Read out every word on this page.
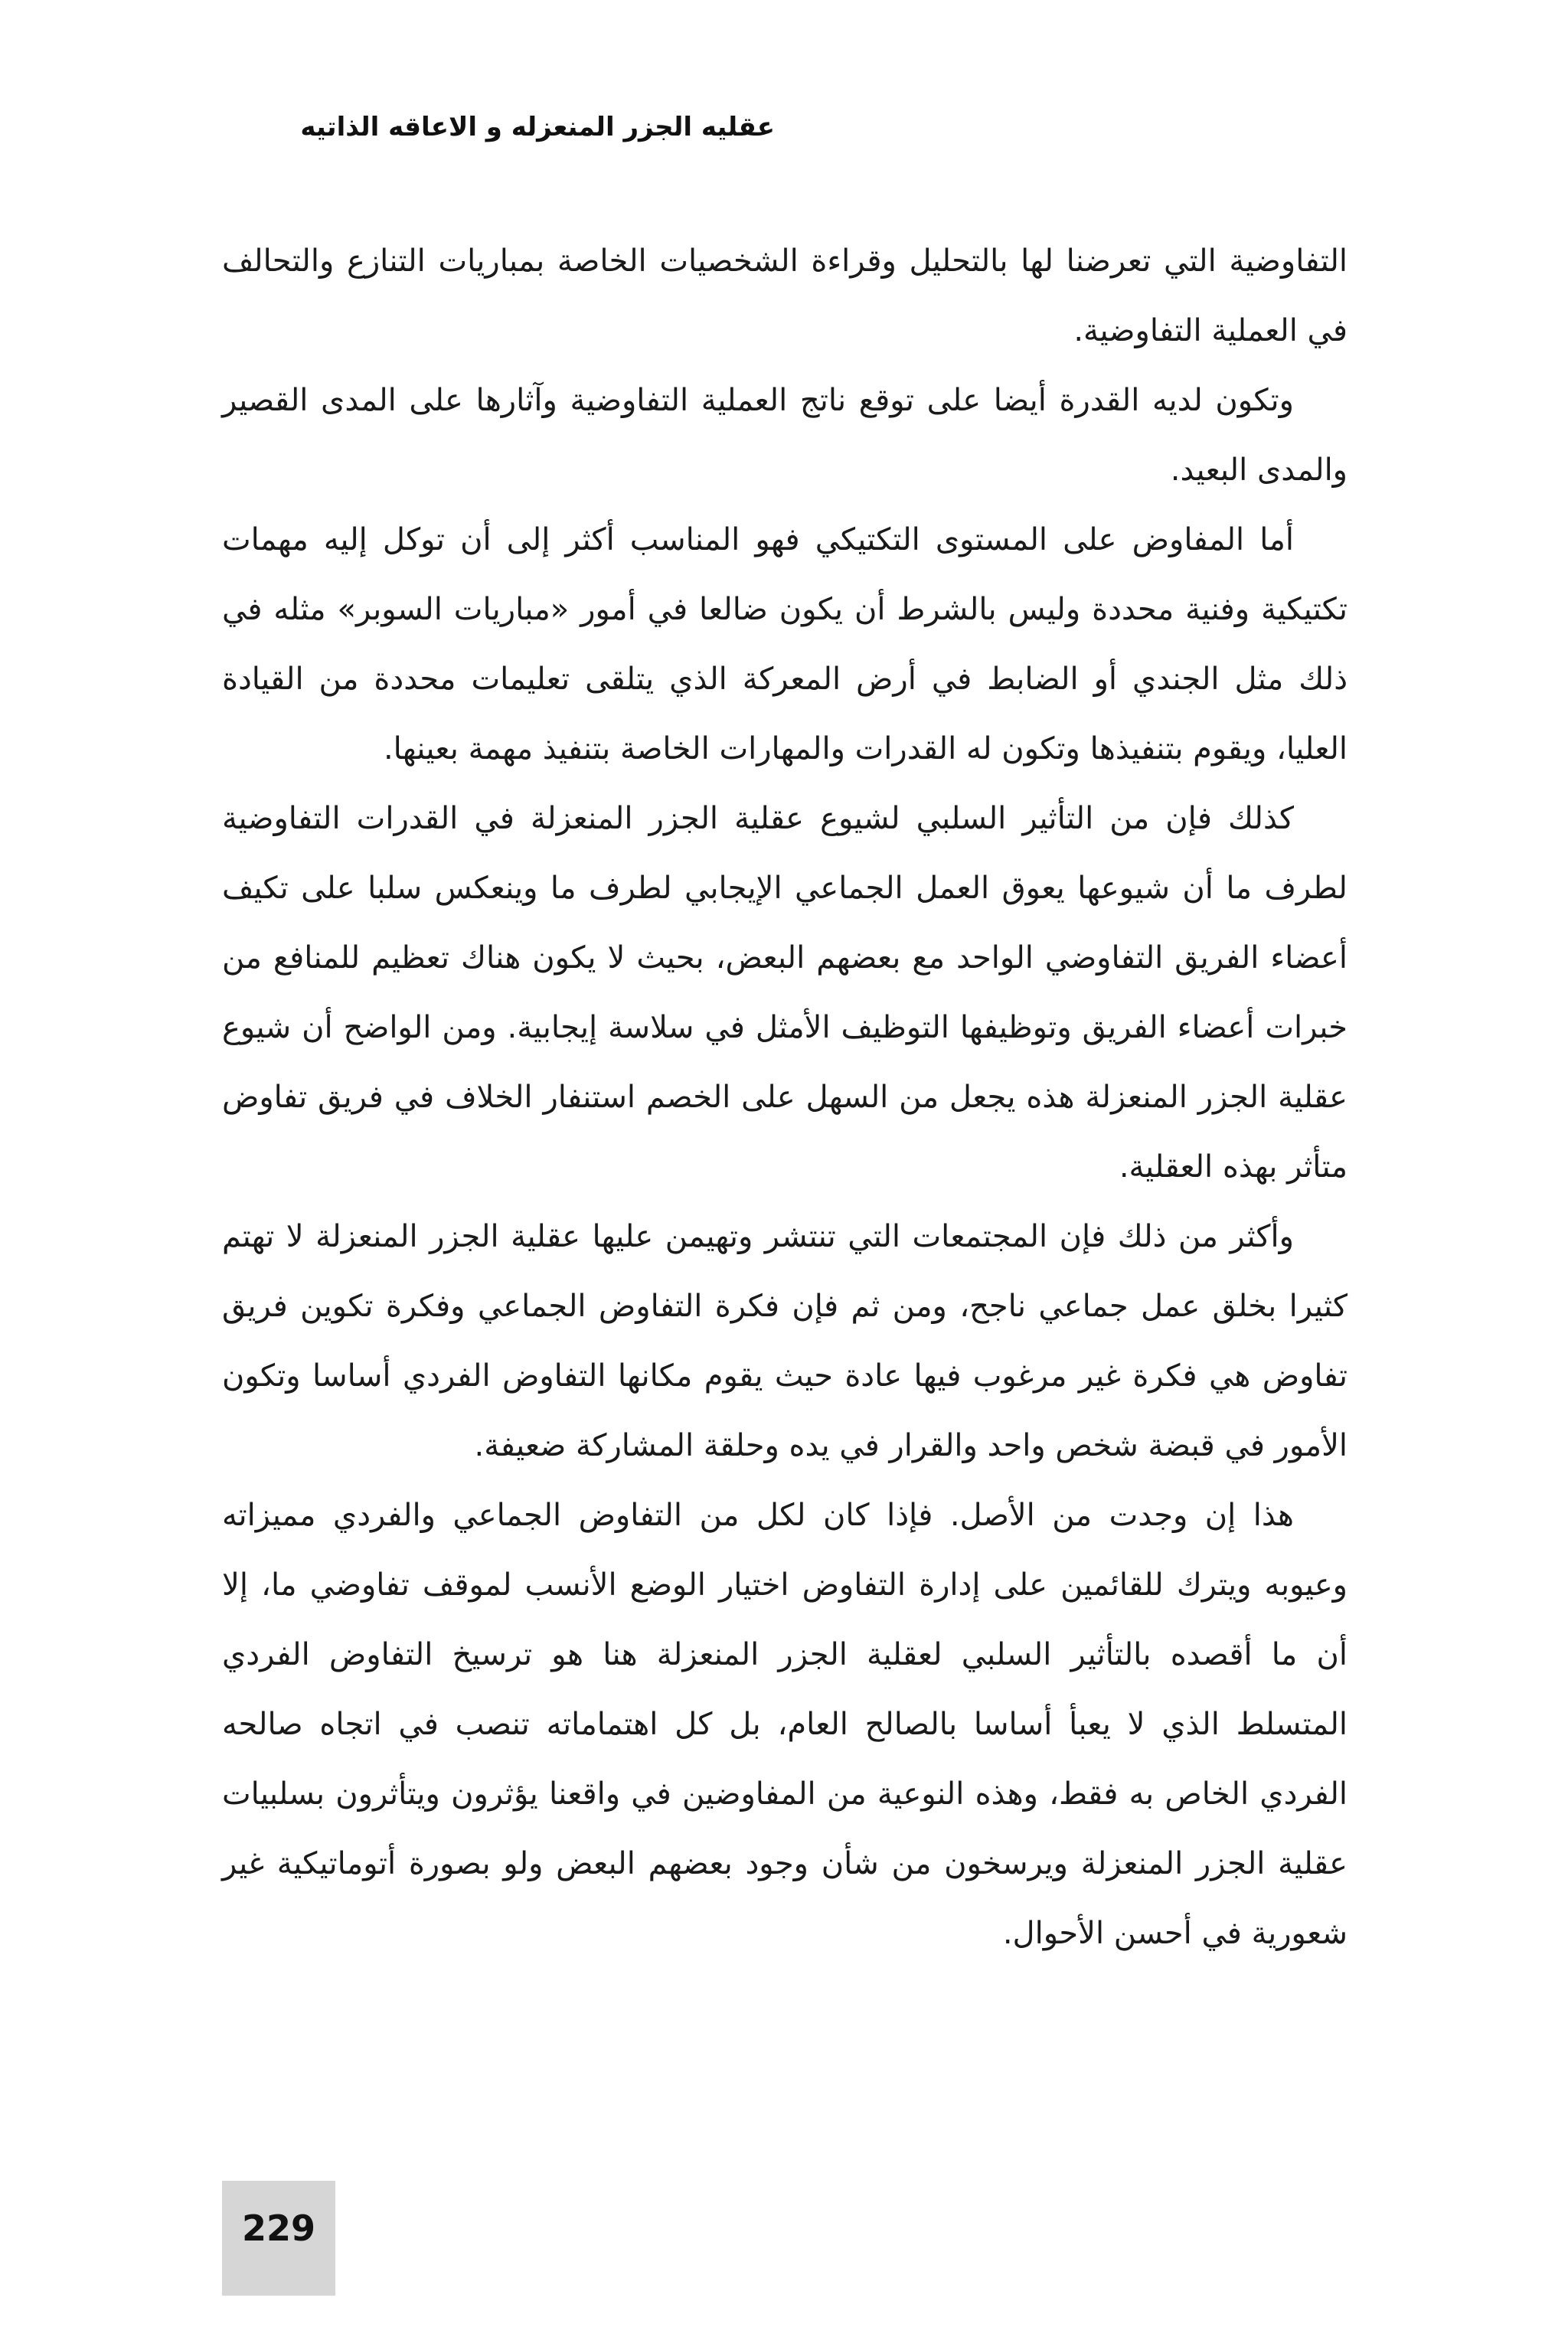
عقليه الجزر المنعزله و الاعاقه الذاتيه

التفاوضية التي تعرضنا لها بالتحليل وقراءة الشخصيات الخاصة بمباريات التنازع والتحالف في العملية التفاوضية.

وتكون لديه القدرة أيضا على توقع ناتج العملية التفاوضية وآثارها على المدى القصير والمدى البعيد.

أما المفاوض على المستوى التكتيكي فهو المناسب أكثر إلى أن توكل إليه مهمات تكتيكية وفنية محددة وليس بالشرط أن يكون ضالعا في أمور «مباريات السوبر» مثله في ذلك مثل الجندي أو الضابط في أرض المعركة الذي يتلقى تعليمات محددة من القيادة العليا، ويقوم بتنفيذها وتكون له القدرات والمهارات الخاصة بتنفيذ مهمة بعينها.

كذلك فإن من التأثير السلبي لشيوع عقلية الجزر المنعزلة في القدرات التفاوضية لطرف ما أن شيوعها يعوق العمل الجماعي الإيجابي لطرف ما وينعكس سلبا على تكيف أعضاء الفريق التفاوضي الواحد مع بعضهم البعض، بحيث لا يكون هناك تعظيم للمنافع من خبرات أعضاء الفريق وتوظيفها التوظيف الأمثل في سلاسة إيجابية. ومن الواضح أن شيوع عقلية الجزر المنعزلة هذه يجعل من السهل على الخصم استنفار الخلاف في فريق تفاوض متأثر بهذه العقلية.

وأكثر من ذلك فإن المجتمعات التي تنتشر وتهيمن عليها عقلية الجزر المنعزلة لا تهتم كثيرا بخلق عمل جماعي ناجح، ومن ثم فإن فكرة التفاوض الجماعي وفكرة تكوين فريق تفاوض هي فكرة غير مرغوب فيها عادة حيث يقوم مكانها التفاوض الفردي أساسا وتكون الأمور في قبضة شخص واحد والقرار في يده وحلقة المشاركة ضعيفة.

هذا إن وجدت من الأصل. فإذا كان لكل من التفاوض الجماعي والفردي مميزاته وعيوبه ويترك للقائمين على إدارة التفاوض اختيار الوضع الأنسب لموقف تفاوضي ما، إلا أن ما أقصده بالتأثير السلبي لعقلية الجزر المنعزلة هنا هو ترسيخ التفاوض الفردي المتسلط الذي لا يعبأ أساسا بالصالح العام، بل كل اهتماماته تنصب في اتجاه صالحه الفردي الخاص به فقط، وهذه النوعية من المفاوضين في واقعنا يؤثرون ويتأثرون بسلبيات عقلية الجزر المنعزلة ويرسخون من شأن وجود بعضهم البعض ولو بصورة أتوماتيكية غير شعورية في أحسن الأحوال.

229
